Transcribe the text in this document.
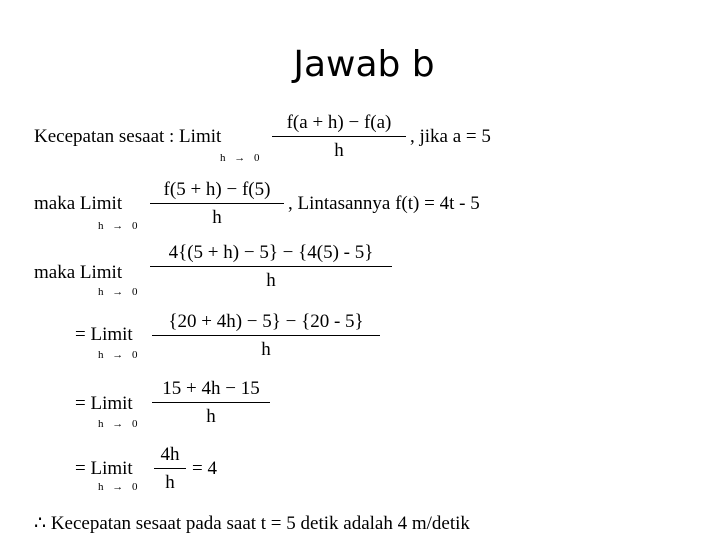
Jawab b
Kecepatan sesaat : Limit
h → 0
f(a + h) − f(a)
h
, jika a = 5
maka Limit
h → 0
f(5 + h) − f(5)
h
, Lintasannya f(t) = 4t - 5
maka Limit
h → 0
4{(5 + h) − 5} − {4(5) - 5}
h
= Limit
h → 0
{20 + 4h) − 5} − {20 - 5}
h
= Limit
h → 0
15 + 4h − 15
h
= Limit
h → 0
4h
h
= 4
∴ Kecepatan sesaat pada saat t = 5 detik adalah 4 m/detik
